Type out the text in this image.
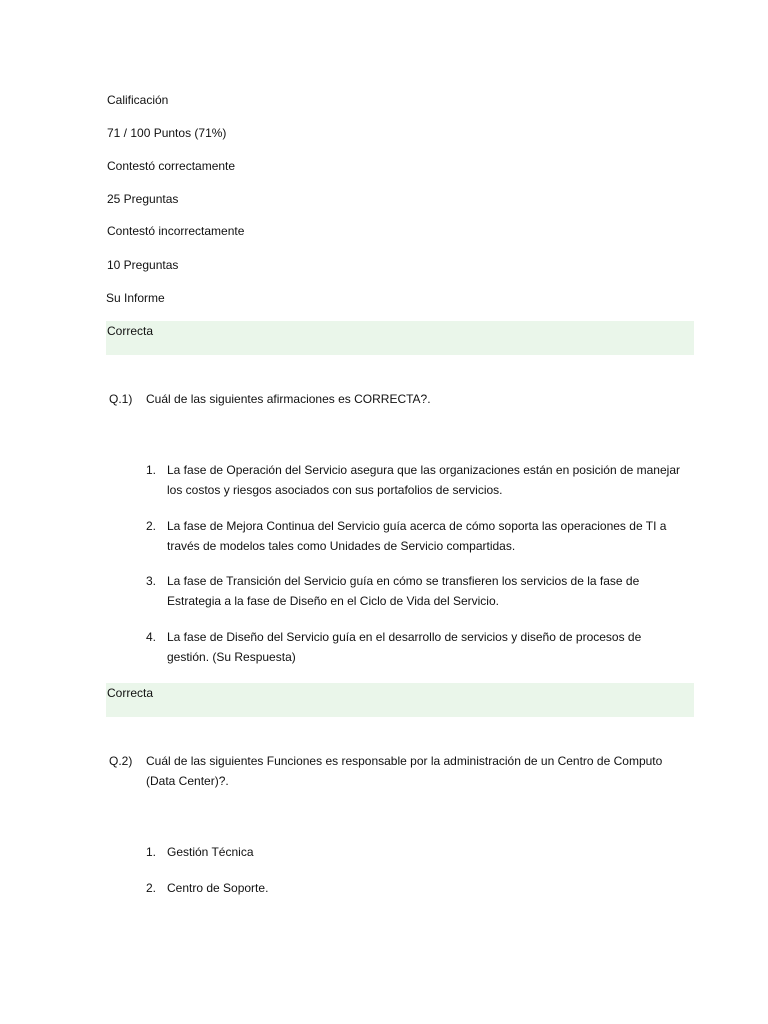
Calificación
71 / 100 Puntos (71%)
Contestó correctamente
25 Preguntas
Contestó incorrectamente
10 Preguntas
Su Informe
Correcta
Q.1) Cuál de las siguientes afirmaciones es CORRECTA?.
1. La fase de Operación del Servicio asegura que las organizaciones están en posición de manejar los costos y riesgos asociados con sus portafolios de servicios.
2. La fase de Mejora Continua del Servicio guía acerca de cómo soporta las operaciones de TI a través de modelos tales como Unidades de Servicio compartidas.
3. La fase de Transición del Servicio guía en cómo se transfieren los servicios de la fase de Estrategia a la fase de Diseño en el Ciclo de Vida del Servicio.
4. La fase de Diseño del Servicio guía en el desarrollo de servicios y diseño de procesos de gestión. (Su Respuesta)
Correcta
Q.2) Cuál de las siguientes Funciones es responsable por la administración de un Centro de Computo (Data Center)?.
1. Gestión Técnica
2. Centro de Soporte.
